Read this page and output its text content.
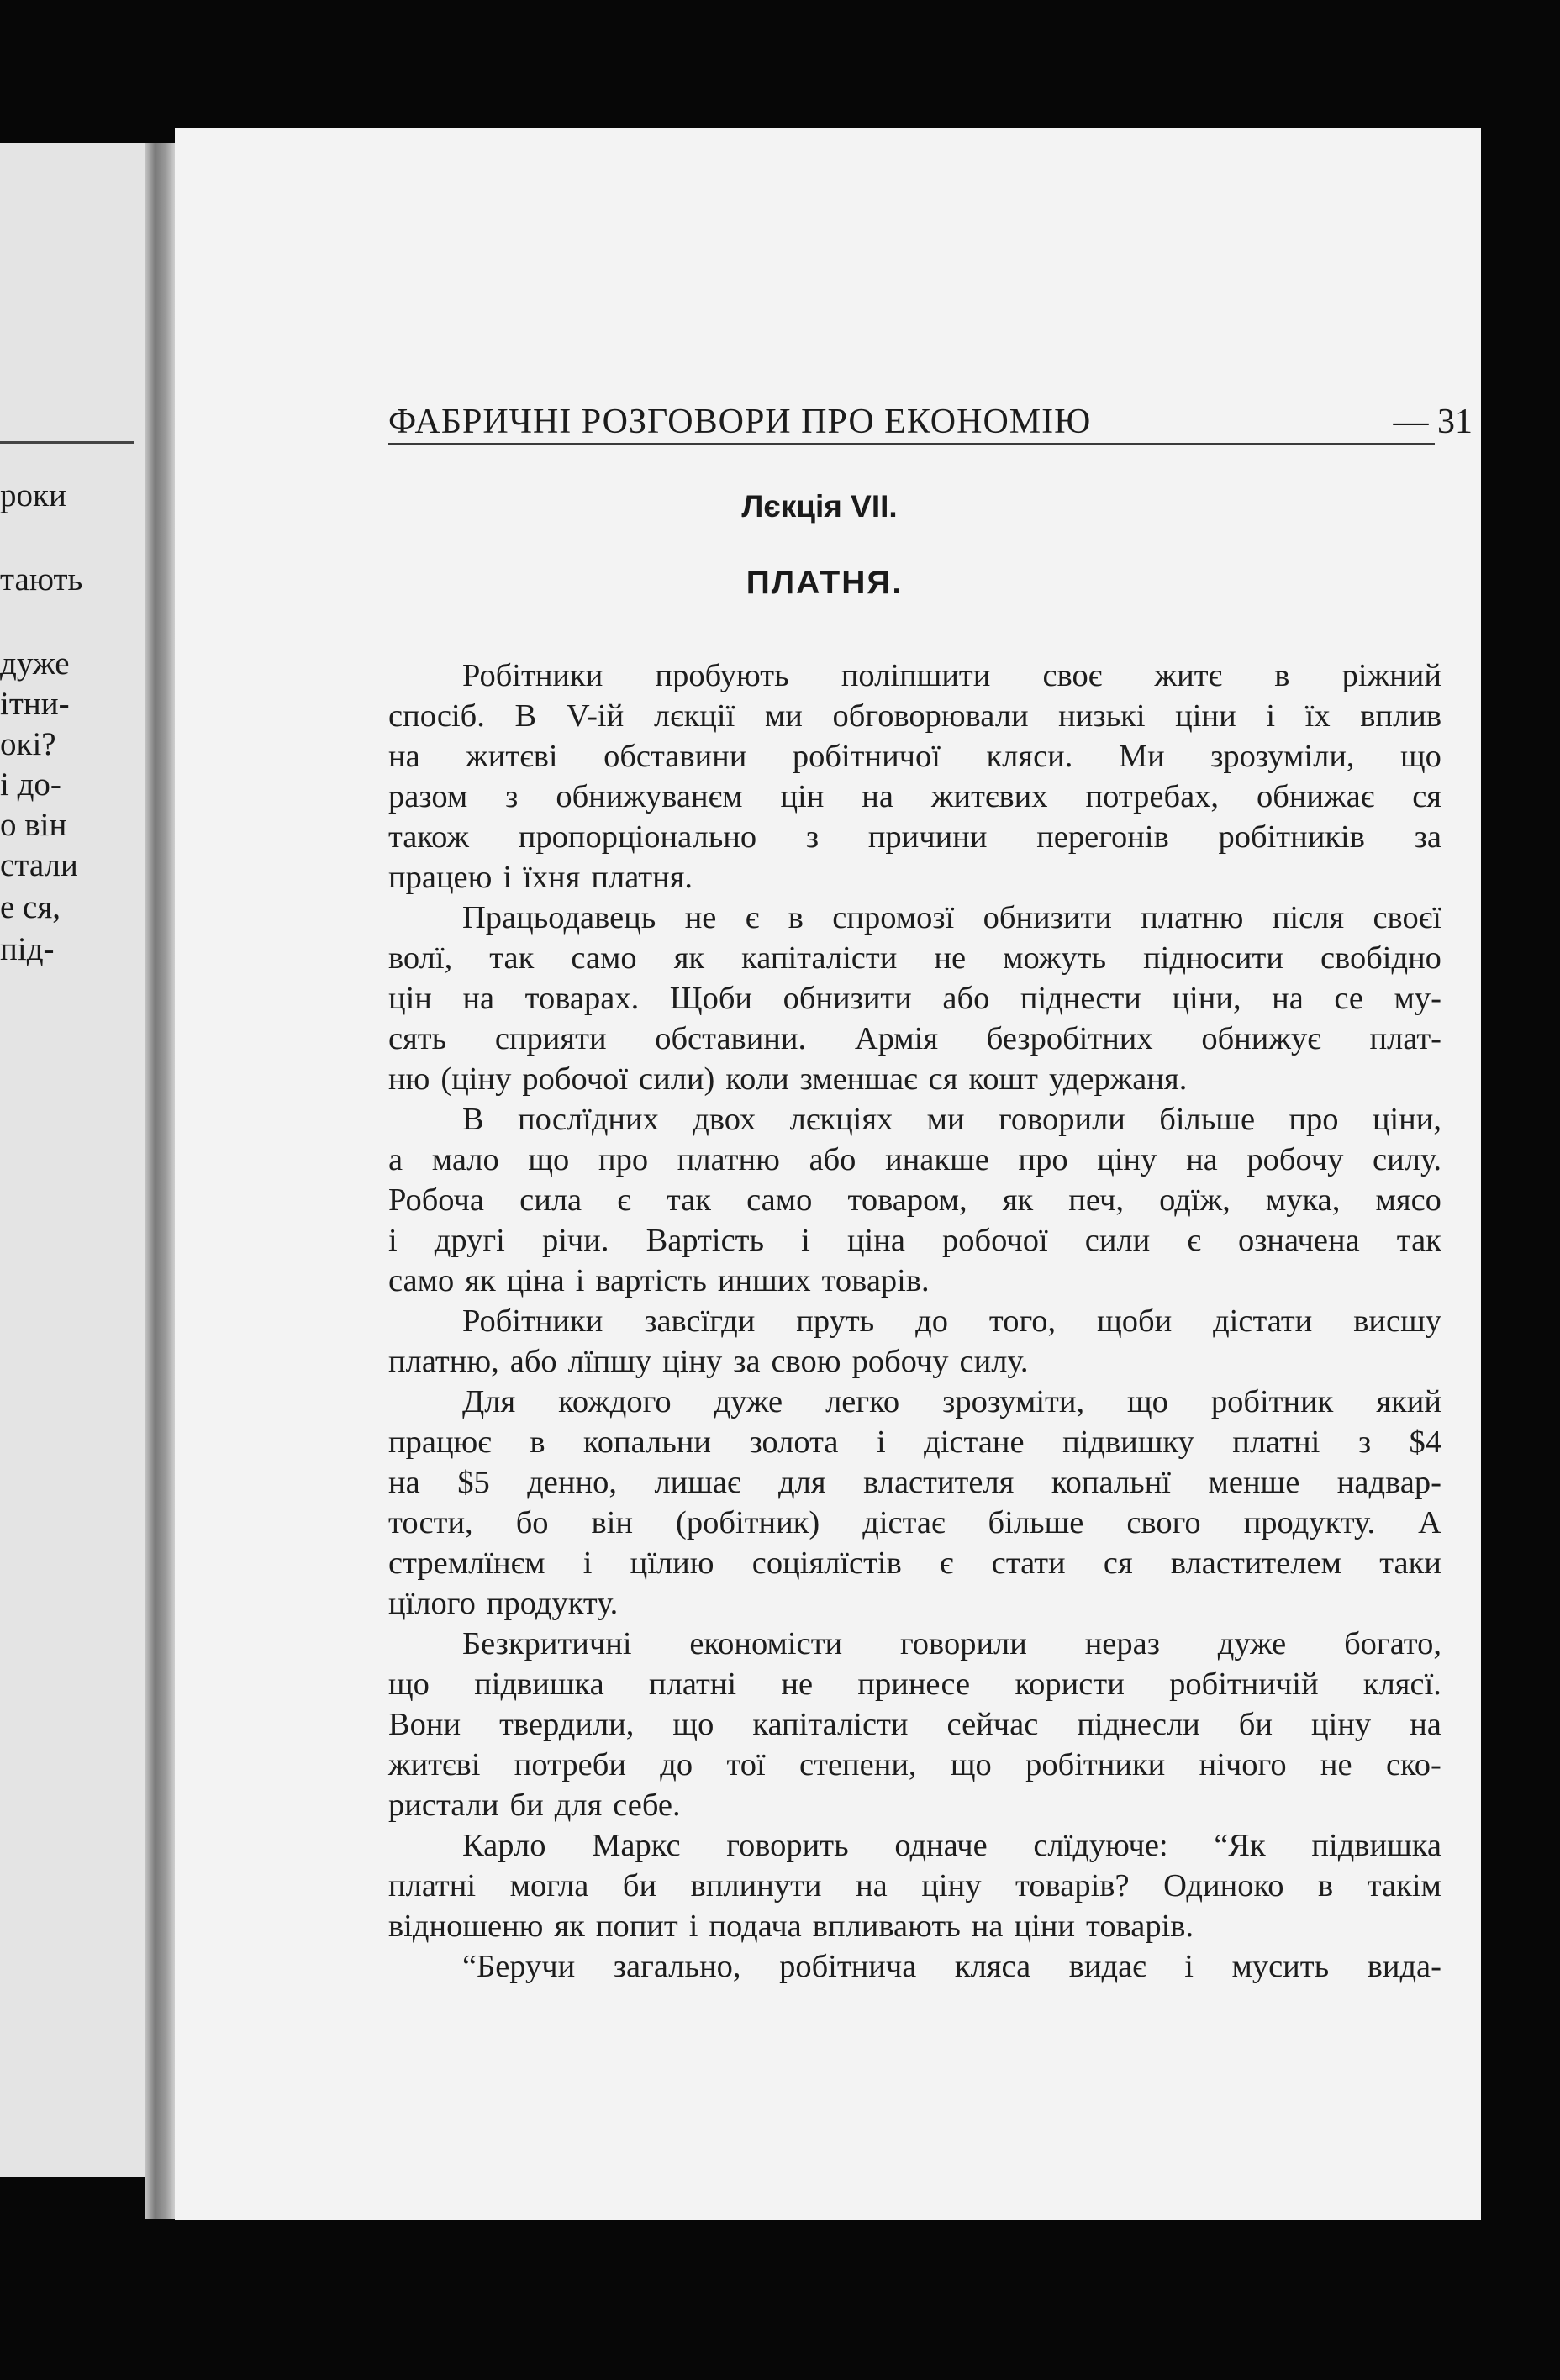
роки
тають
дуже
ітни-
окі?
і до-
о він
стали
е ся,
під-
ФАБРИЧНІ РОЗГОВОРИ ПРО ЕКОНОМІЮ	— 31
Лєкція VII.
ПЛАТНЯ.
Робітники пробують поліпшити своє житє в ріжний
спосіб. В V-ій лєкції ми обговорювали низькі ціни і їх вплив
на житєві обставини робітничої кляси. Ми зрозуміли, що
разом з обнижуванєм цін на житєвих потребах, обнижає ся
також пропорціонально з причини перегонів робітників за
працею і їхня платня.
Працьодавець не є в спромозї обнизити платню після своєї
волї, так само як капіталісти не можуть підносити свобідно
цін на товарах. Щоби обнизити або піднести ціни, на се му-
сять сприяти обставини. Армія безробітних обнижує плат-
ню (ціну робочої сили) коли зменшає ся кошт удержаня.
В послїдних двох лєкціях ми говорили більше про ціни,
а мало що про платню або инакше про ціну на робочу силу.
Робоча сила є так само товаром, як печ, одїж, мука, мясо
і другі річи. Вартість і ціна робочої сили є означена так
само як ціна і вартість инших товарів.
Робітники завсїгди пруть до того, щоби дістати висшу
платню, або лїпшу ціну за свою робочу силу.
Для кождого дуже легко зрозуміти, що робітник який
працює в копальни золота і дістане підвишку платні з $4
на $5 денно, лишає для властителя копальнї менше надвар-
тости, бо він (робітник) дістає більше свого продукту. А
стремлїнєм і цїлию соціялїстів є стати ся властителем таки
цїлого продукту.
Безкритичні економісти говорили нераз дуже богато,
що підвишка платні не принесе користи робітничій клясї.
Вони твердили, що капіталісти сейчас піднесли би ціну на
житєві потреби до тої степени, що робітники нічого не ско-
ристали би для себе.
Карло Маркс говорить одначе слїдуюче: “Як підвишка
платні могла би вплинути на ціну товарів? Одиноко в такім
відношеню як попит і подача впливають на ціни товарів.
“Беручи загально, робітнича кляса видає і мусить вида-
